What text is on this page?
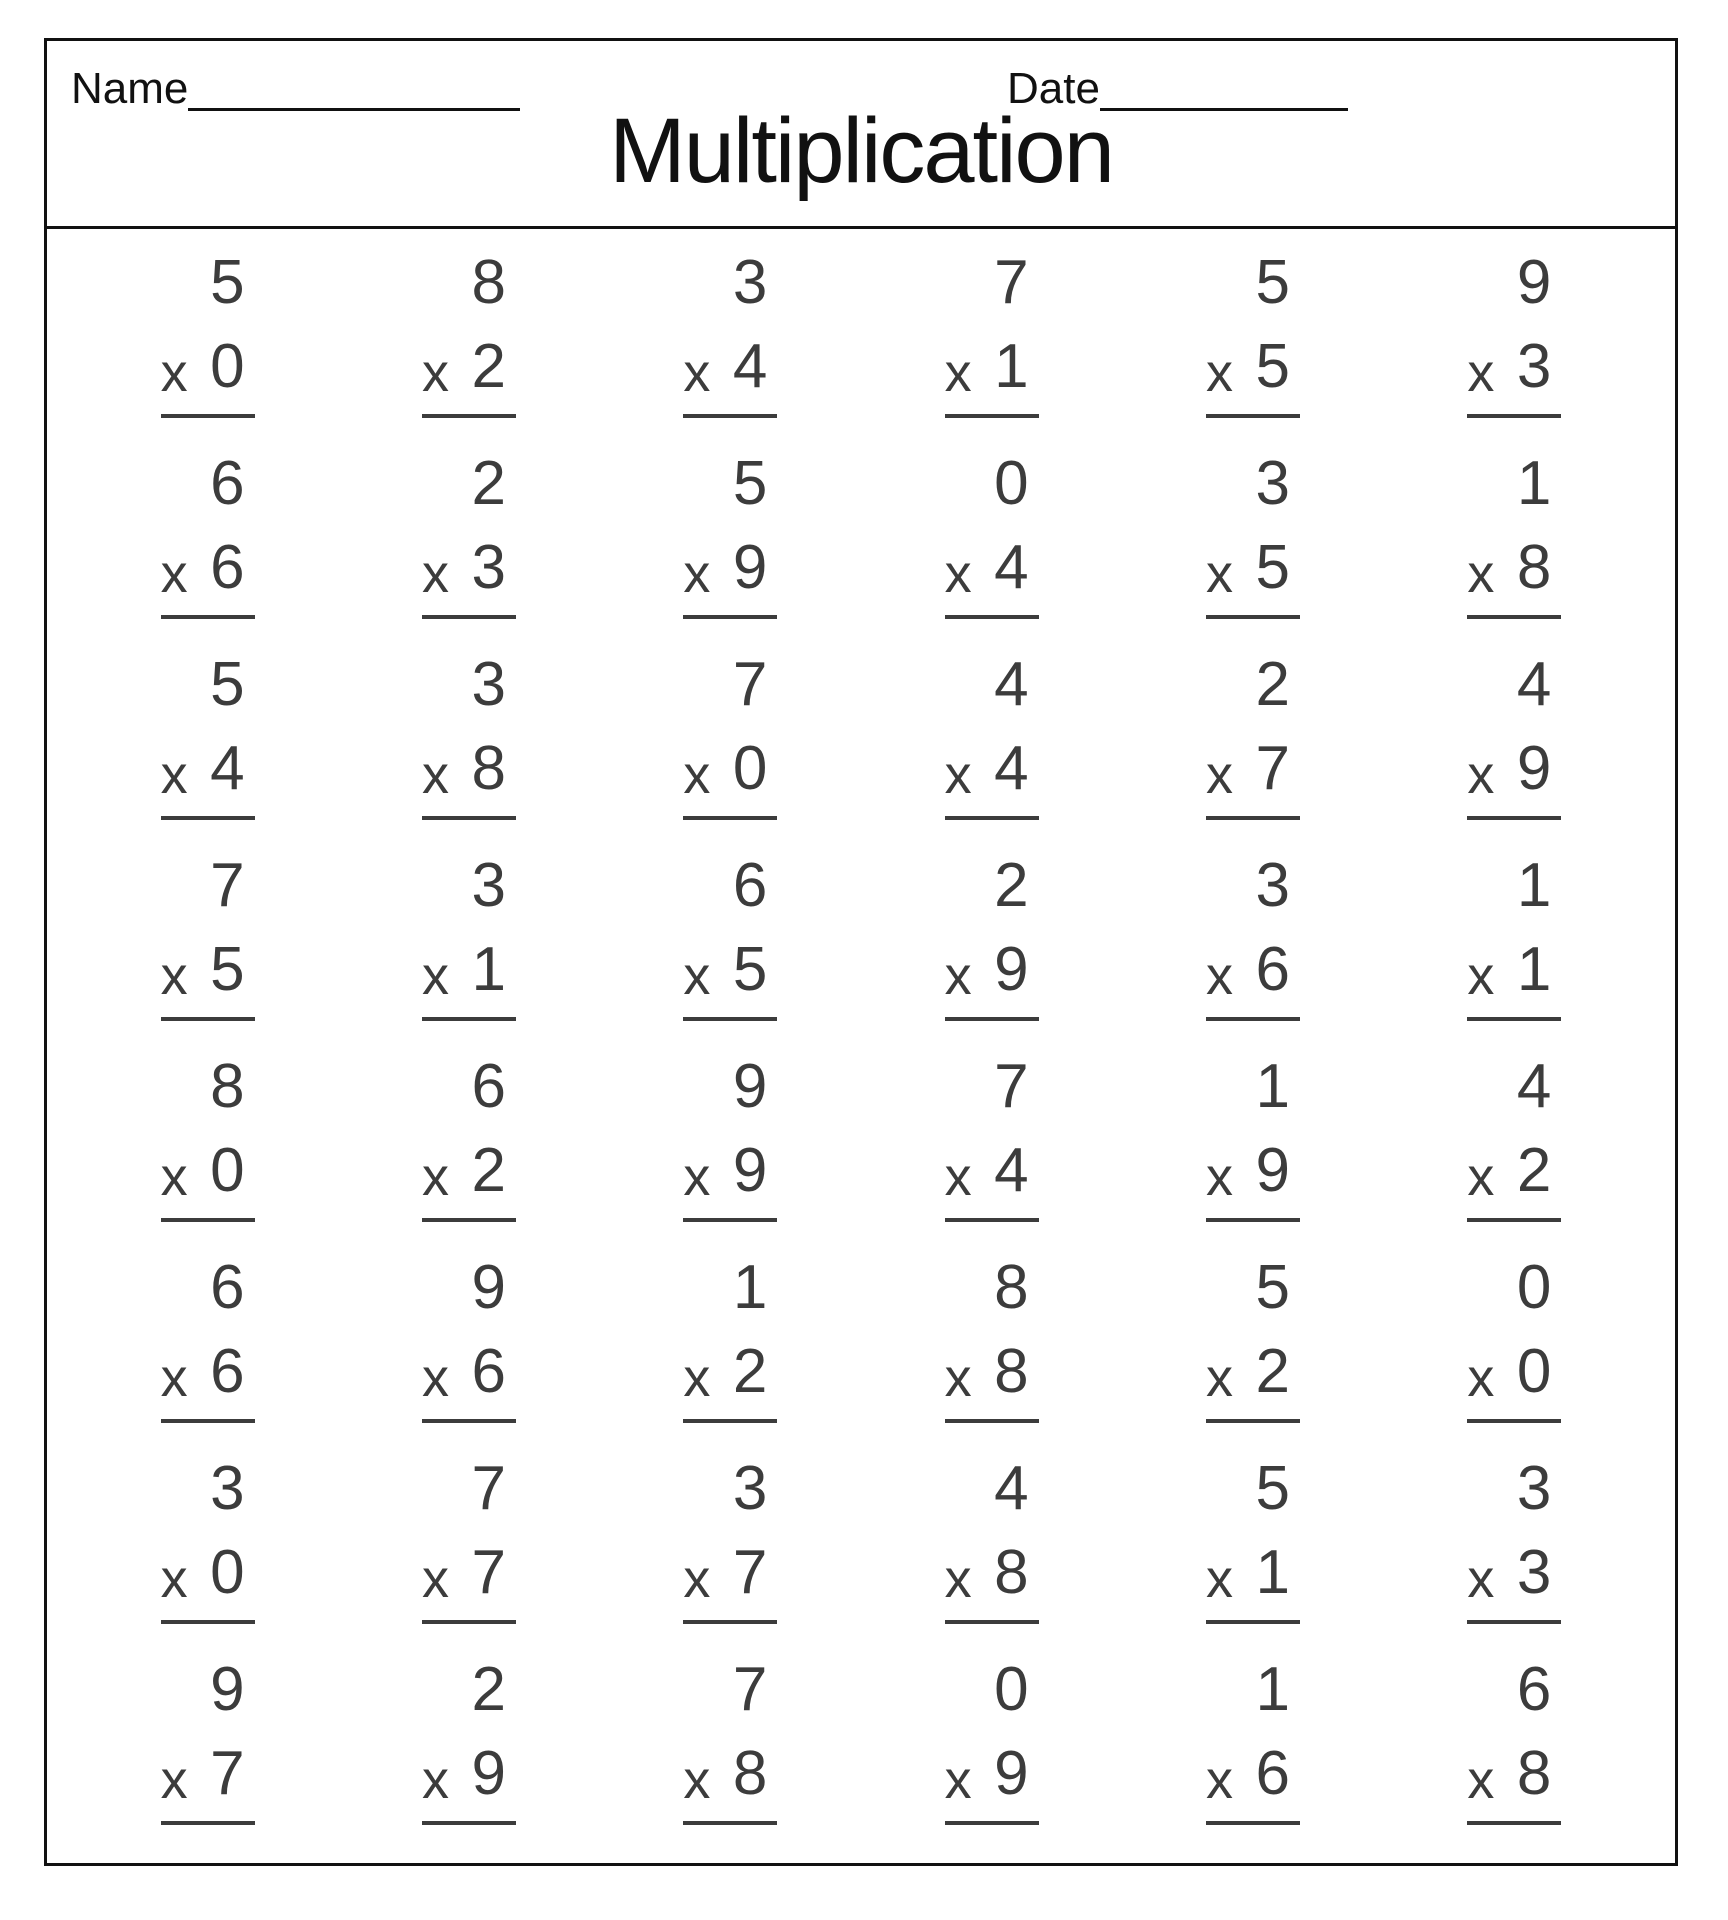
Name	Date
Multiplication
5
x 0
8
x 2
3
x 4
7
x 1
5
x 5
9
x 3
6
x 6
2
x 3
5
x 9
0
x 4
3
x 5
1
x 8
5
x 4
3
x 8
7
x 0
4
x 4
2
x 7
4
x 9
7
x 5
3
x 1
6
x 5
2
x 9
3
x 6
1
x 1
8
x 0
6
x 2
9
x 9
7
x 4
1
x 9
4
x 2
6
x 6
9
x 6
1
x 2
8
x 8
5
x 2
0
x 0
3
x 0
7
x 7
3
x 7
4
x 8
5
x 1
3
x 3
9
x 7
2
x 9
7
x 8
0
x 9
1
x 6
6
x 8
